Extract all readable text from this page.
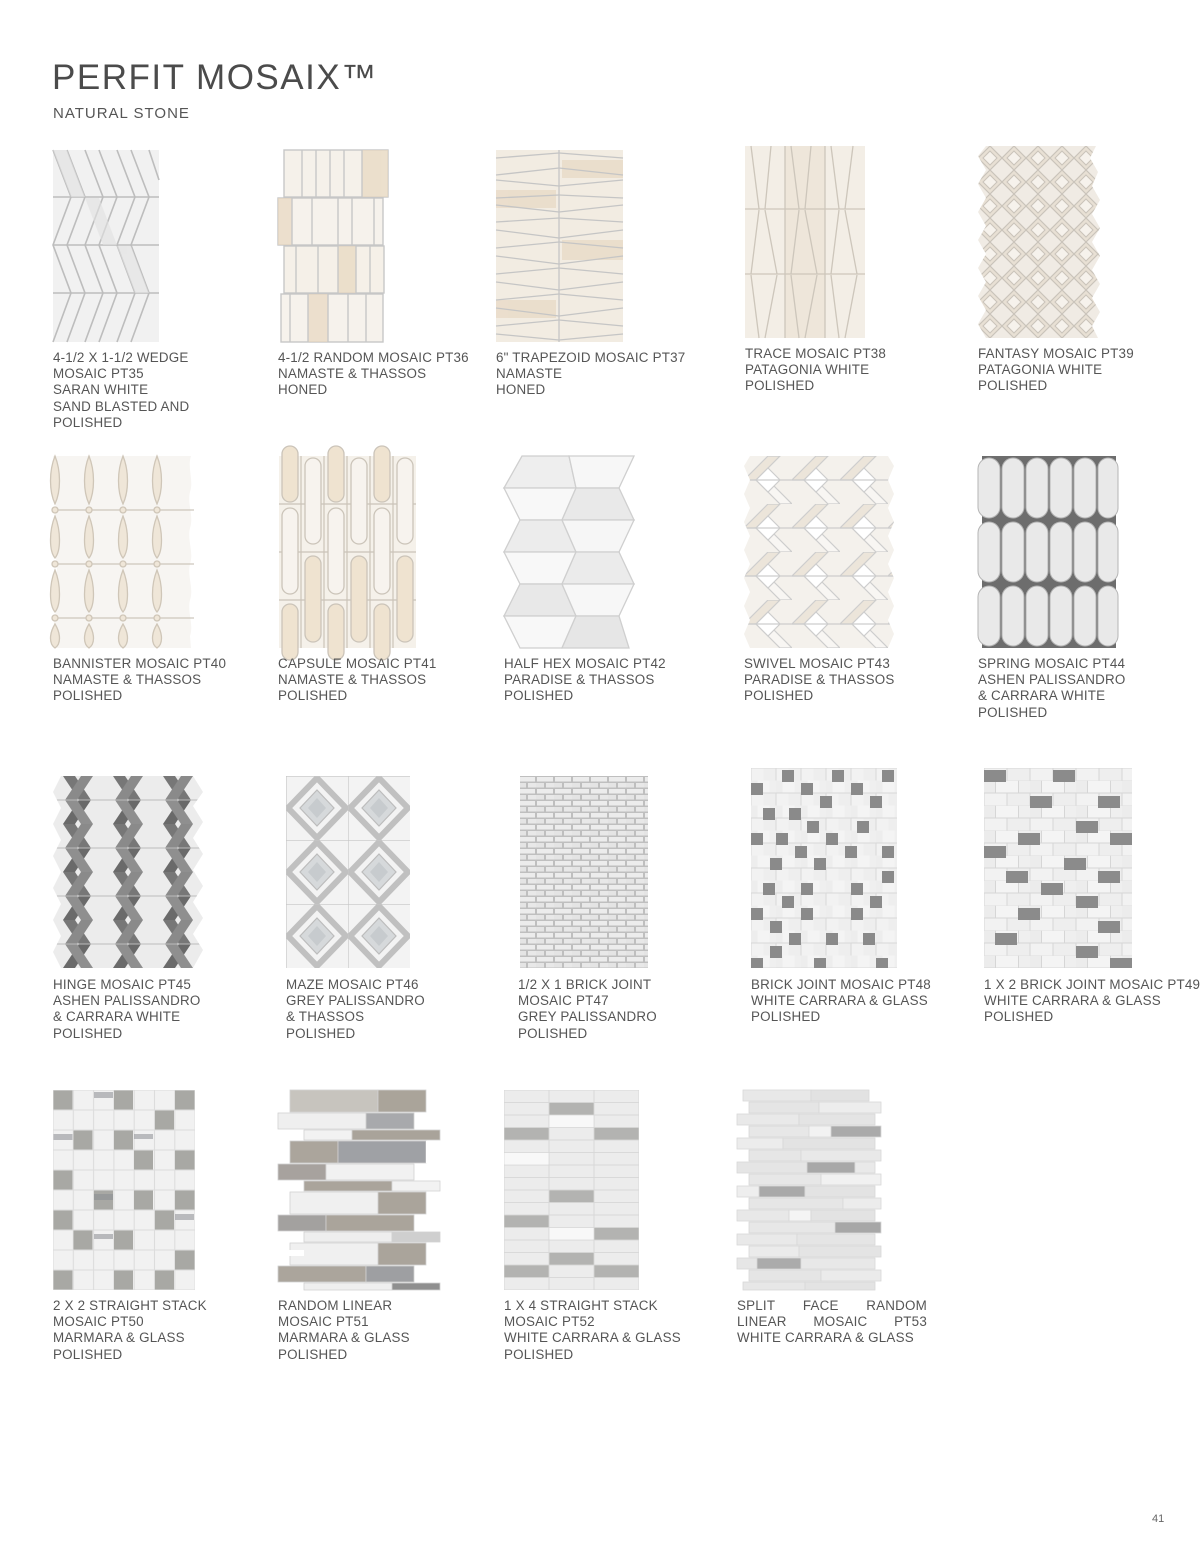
PERFIT MOSAIX™
NATURAL STONE
4-1/2 X 1-1/2 WEDGE
MOSAIC PT35
SARAN WHITE
SAND BLASTED AND
POLISHED
4-1/2 RANDOM MOSAIC PT36
NAMASTE & THASSOS
HONED
6" TRAPEZOID MOSAIC PT37
NAMASTE
HONED
TRACE MOSAIC PT38
PATAGONIA WHITE
POLISHED
FANTASY MOSAIC PT39
PATAGONIA WHITE
POLISHED
BANNISTER MOSAIC PT40
NAMASTE & THASSOS
POLISHED
CAPSULE MOSAIC PT41
NAMASTE & THASSOS
POLISHED
HALF HEX MOSAIC PT42
PARADISE & THASSOS
POLISHED
SWIVEL MOSAIC PT43
PARADISE & THASSOS
POLISHED
SPRING MOSAIC PT44
ASHEN PALISSANDRO
& CARRARA WHITE
POLISHED
HINGE MOSAIC PT45
ASHEN PALISSANDRO
& CARRARA WHITE
POLISHED
MAZE MOSAIC PT46
GREY PALISSANDRO
& THASSOS
POLISHED
1/2 X 1 BRICK JOINT
MOSAIC PT47
GREY PALISSANDRO
POLISHED
BRICK JOINT MOSAIC PT48
WHITE CARRARA & GLASS
POLISHED
1 X 2 BRICK JOINT MOSAIC PT49
WHITE CARRARA & GLASS
POLISHED
2 X 2 STRAIGHT STACK
MOSAIC PT50
MARMARA & GLASS
POLISHED
RANDOM LINEAR
MOSAIC PT51
MARMARA & GLASS
POLISHED
1 X 4 STRAIGHT STACK
MOSAIC PT52
WHITE CARRARA & GLASS
POLISHED
SPLIT FACE RANDOM
LINEAR MOSAIC PT53
WHITE CARRARA & GLASS
41
